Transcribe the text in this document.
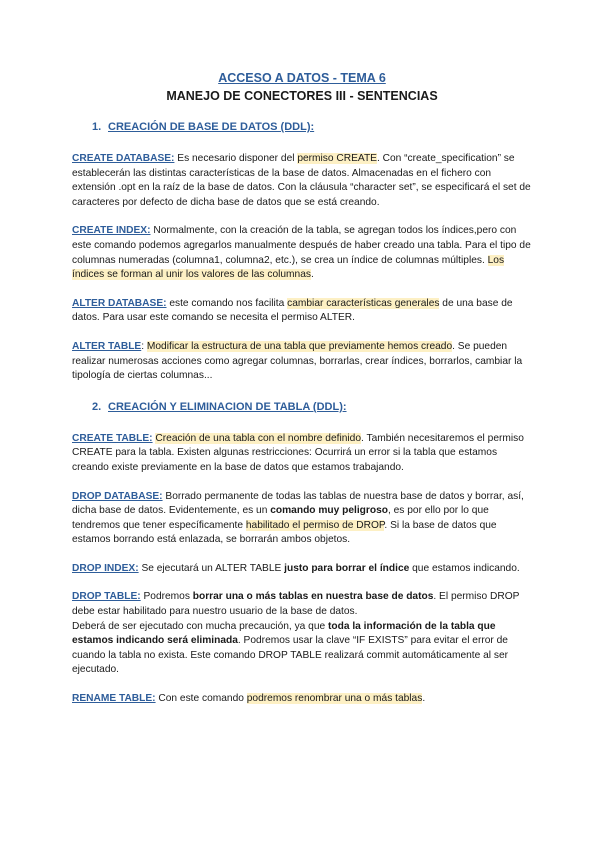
ACCESO A DATOS - TEMA 6
MANEJO DE CONECTORES III - SENTENCIAS
1. CREACIÓN DE BASE DE DATOS (DDL):

CREATE DATABASE: Es necesario disponer del permiso CREATE. Con “create_specification” se establecerán las distintas características de la base de datos. Almacenadas en el fichero con extensión .opt en la raíz de la base de datos. Con la cláusula “character set”, se especificará el set de caracteres por defecto de dicha base de datos que se está creando.

CREATE INDEX: Normalmente, con la creación de la tabla, se agregan todos los índices,pero con este comando podemos agregarlos manualmente después de haber creado una tabla. Para el tipo de columnas numeradas (columna1, columna2, etc.), se crea un índice de columnas múltiples. Los índices se forman al unir los valores de las columnas.

ALTER DATABASE: este comando nos facilita cambiar características generales de una base de datos. Para usar este comando se necesita el permiso ALTER.

ALTER TABLE: Modificar la estructura de una tabla que previamente hemos creado. Se pueden realizar numerosas acciones como agregar columnas, borrarlas, crear índices, borrarlos, cambiar la tipología de ciertas columnas...

2. CREACIÓN Y ELIMINACION DE TABLA (DDL):

CREATE TABLE: Creación de una tabla con el nombre definido. También necesitaremos el permiso CREATE para la tabla. Existen algunas restricciones: Ocurrirá un error si la tabla que estamos creando existe previamente en la base de datos que estamos trabajando.

DROP DATABASE: Borrado permanente de todas las tablas de nuestra base de datos y borrar, así, dicha base de datos. Evidentemente, es un comando muy peligroso, es por ello por lo que tendremos que tener específicamente habilitado el permiso de DROP. Si la base de datos que estamos borrando está enlazada, se borrarán ambos objetos.

DROP INDEX: Se ejecutará un ALTER TABLE justo para borrar el índice que estamos indicando.

DROP TABLE: Podremos borrar una o más tablas en nuestra base de datos. El permiso DROP debe estar habilitado para nuestro usuario de la base de datos.
Deberá de ser ejecutado con mucha precaución, ya que toda la información de la tabla que estamos indicando será eliminada. Podremos usar la clave “IF EXISTS” para evitar el error de cuando la tabla no exista. Este comando DROP TABLE realizará commit automáticamente al ser ejecutado.

RENAME TABLE: Con este comando podremos renombrar una o más tablas.
